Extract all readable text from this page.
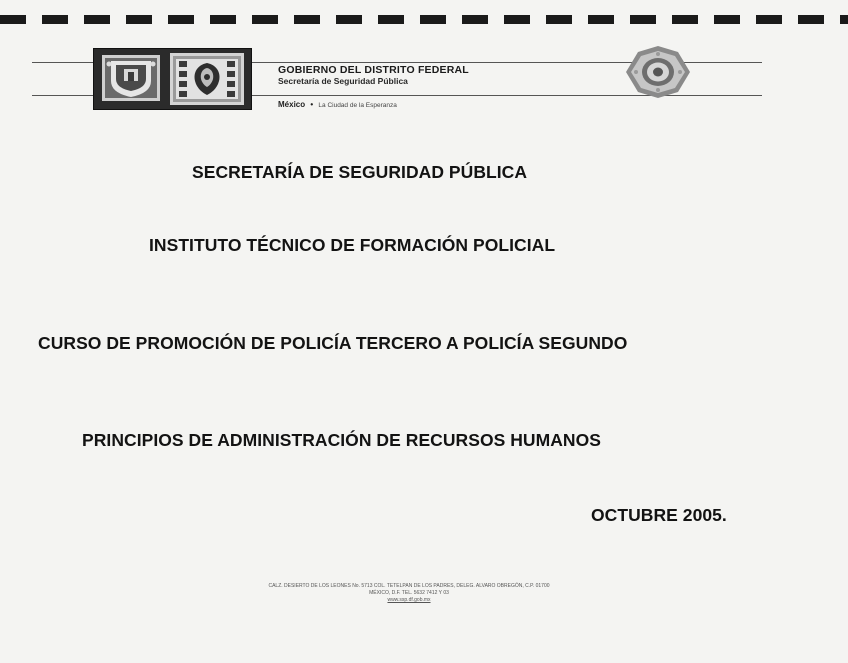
GOBIERNO DEL DISTRITO FEDERAL
Secretaría de Seguridad Pública
México • La Ciudad de la Esperanza
SECRETARÍA DE SEGURIDAD PÚBLICA
INSTITUTO TÉCNICO DE FORMACIÓN POLICIAL
CURSO DE PROMOCIÓN DE POLICÍA TERCERO A POLICÍA SEGUNDO
PRINCIPIOS DE ADMINISTRACIÓN DE RECURSOS HUMANOS
OCTUBRE 2005.
CALZ. DESIERTO DE LOS LEONES No. 5713 COL. TETELPAN DE LOS PADRES, DELEG. ALVARO OBREGÓN, C.P. 01700
MÉXICO, D.F. TEL. 5632 7412 Y 03
www.ssp.df.gob.mx
